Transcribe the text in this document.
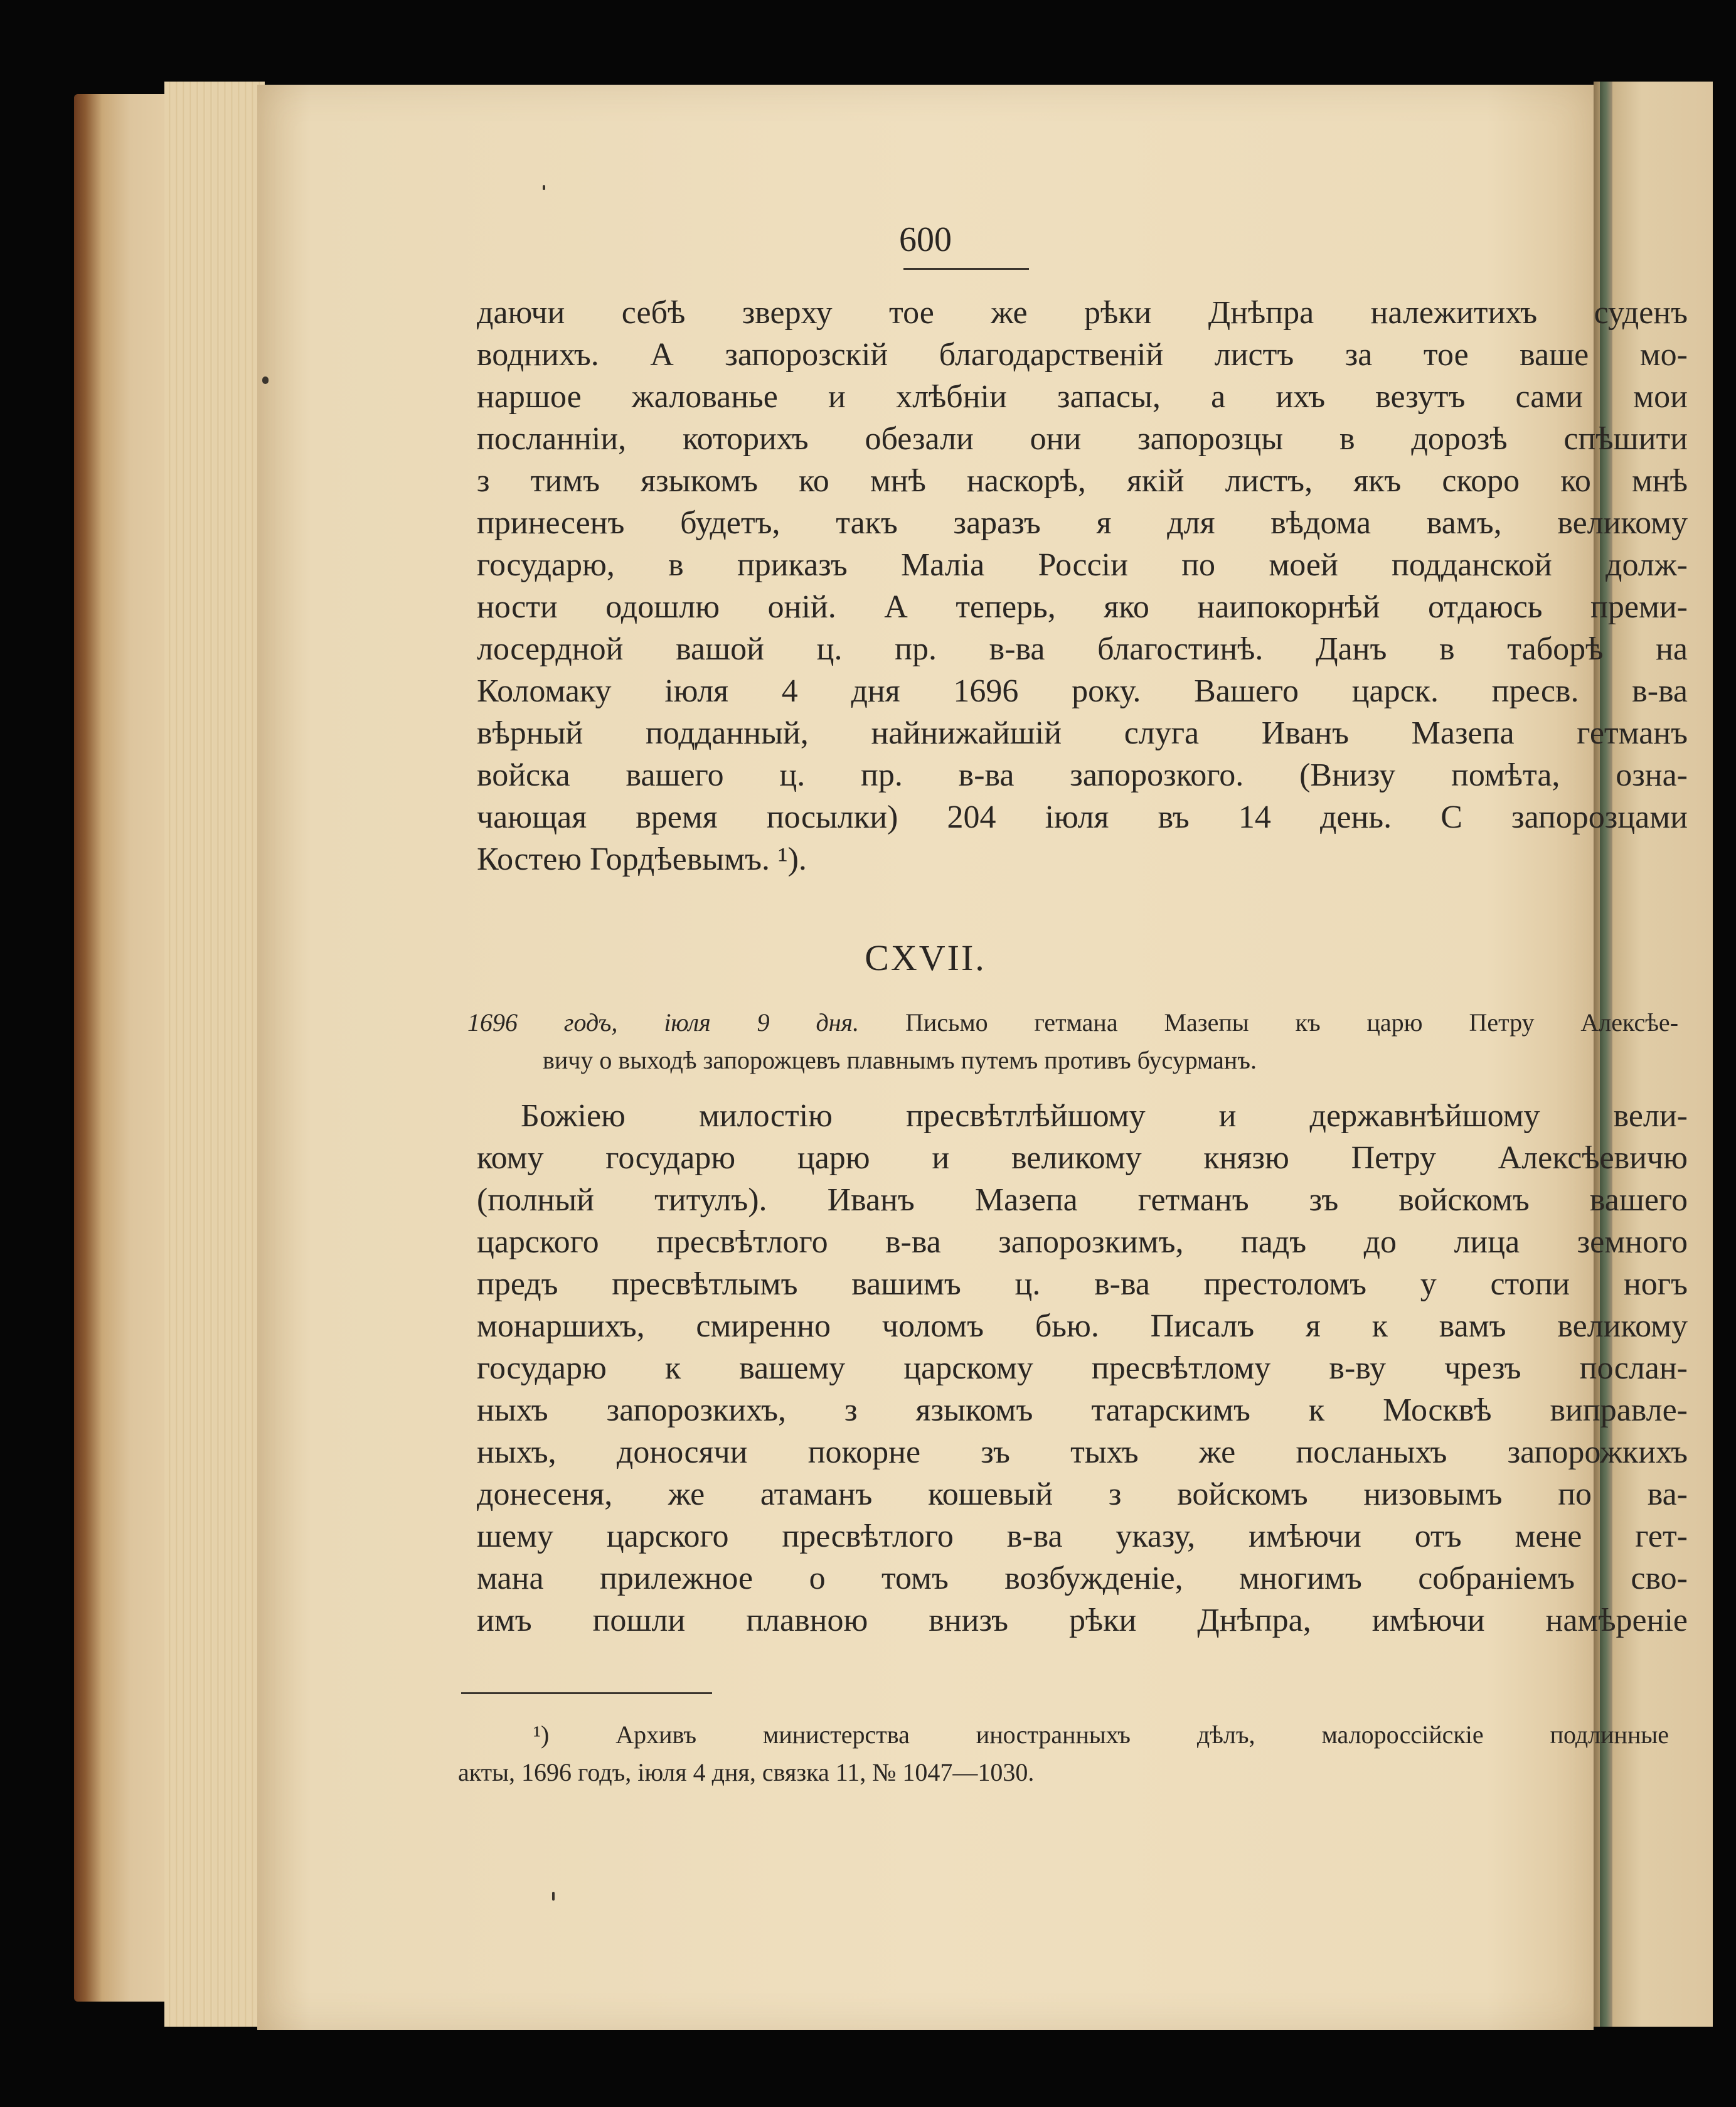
600
даючи себѣ зверху тое же рѣки Днѣпра належитихъ суденъ
воднихъ. А запорозскій благодарственій листъ за тое ваше мо-
наршое жалованье и хлѣбніи запасы, а ихъ везутъ сами мои
посланніи, которихъ обезали они запорозцы в дорозѣ спѣшити
з тимъ языкомъ ко мнѣ наскорѣ, якій листъ, якъ скоро ко мнѣ
принесенъ будетъ, такъ заразъ я для вѣдома вамъ, великому
государю, в приказъ Маліа Россіи по моей подданской долж-
ности одошлю оній. А теперь, яко наипокорнѣй отдаюсь преми-
лосердной вашой ц. пр. в-ва благостинѣ. Данъ в таборѣ на
Коломаку іюля 4 дня 1696 року. Вашего царск. пресв. в-ва
вѣрный подданный, найнижайшій слуга Иванъ Мазепа гетманъ
войска вашего ц. пр. в-ва запорозкого. (Внизу помѣта, озна-
чающая время посылки) 204 іюля въ 14 день. С запорозцами
Костею Гордѣевымъ. ¹).
CXVII.
1696 годъ, іюля 9 дня. Письмо гетмана Мазепы къ царю Петру Алексѣе-
вичу о выходѣ запорожцевъ плавнымъ путемъ противъ бусурманъ.
Божіею милостію пресвѣтлѣйшому и державнѣйшому вели-
кому государю царю и великому князю Петру Алексѣевичю
(полный титулъ). Иванъ Мазепа гетманъ зъ войскомъ вашего
царского пресвѣтлого в-ва запорозкимъ, падъ до лица земного
предъ пресвѣтлымъ вашимъ ц. в-ва престоломъ у стопи ногъ
монаршихъ, смиренно чоломъ бью. Писалъ я к вамъ великому
государю к вашему царскому пресвѣтлому в-ву чрезъ послан-
ныхъ запорозкихъ, з языкомъ татарскимъ к Москвѣ виправле-
ныхъ, доносячи покорне зъ тыхъ же посланыхъ запорожкихъ
донесеня, же атаманъ кошевый з войскомъ низовымъ по ва-
шему царского пресвѣтлого в-ва указу, имѣючи отъ мене гет-
мана прилежное о томъ возбужденіе, многимъ собраніемъ сво-
имъ пошли плавною внизъ рѣки Днѣпра, имѣючи намѣреніе
¹) Архивъ министерства иностранныхъ дѣлъ, малороссійскіе подлинные
акты, 1696 годъ, іюля 4 дня, связка 11, № 1047—1030.
